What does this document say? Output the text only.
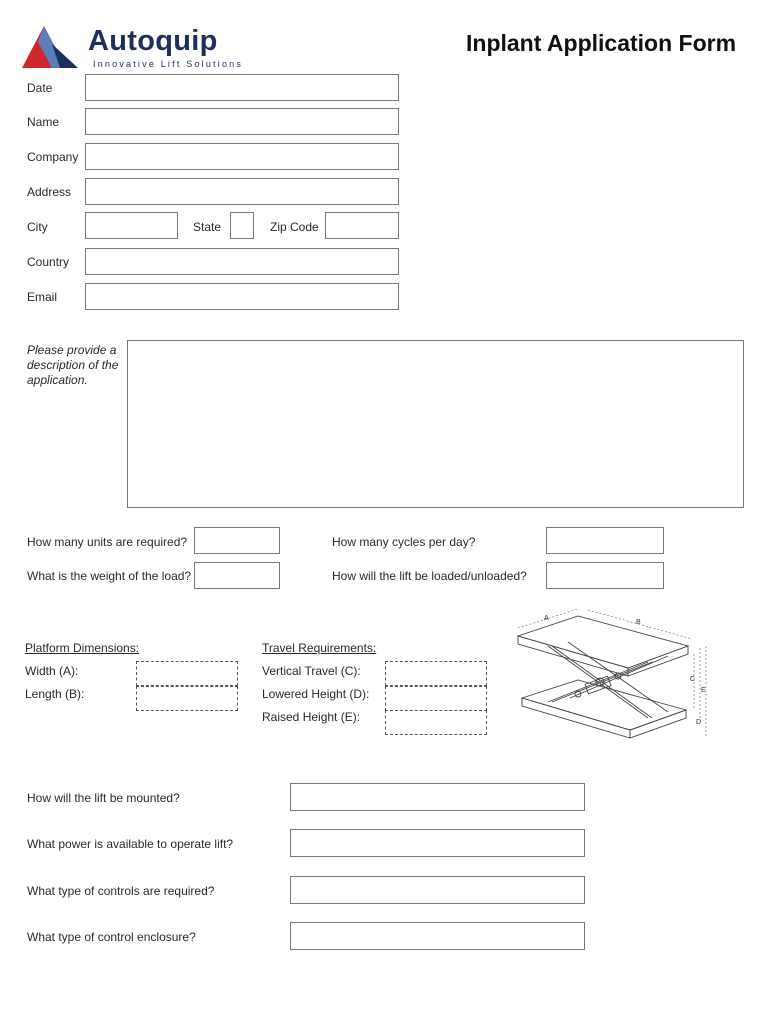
Autoquip
Innovative Lift Solutions
Inplant Application Form
Date
Name
Company
Address
City	State	Zip Code
Country
Email
Please provide a description of the application.
How many units are required?	How many cycles per day?
What is the weight of the load?	How will the lift be loaded/unloaded?
Platform Dimensions:
Width (A):
Length (B):
Travel Requirements:
Vertical Travel (C):
Lowered Height (D):
Raised Height (E):
A
B
C
D
E
How will the lift be mounted?
What power is available to operate lift?
What type of controls are required?
What type of control enclosure?
